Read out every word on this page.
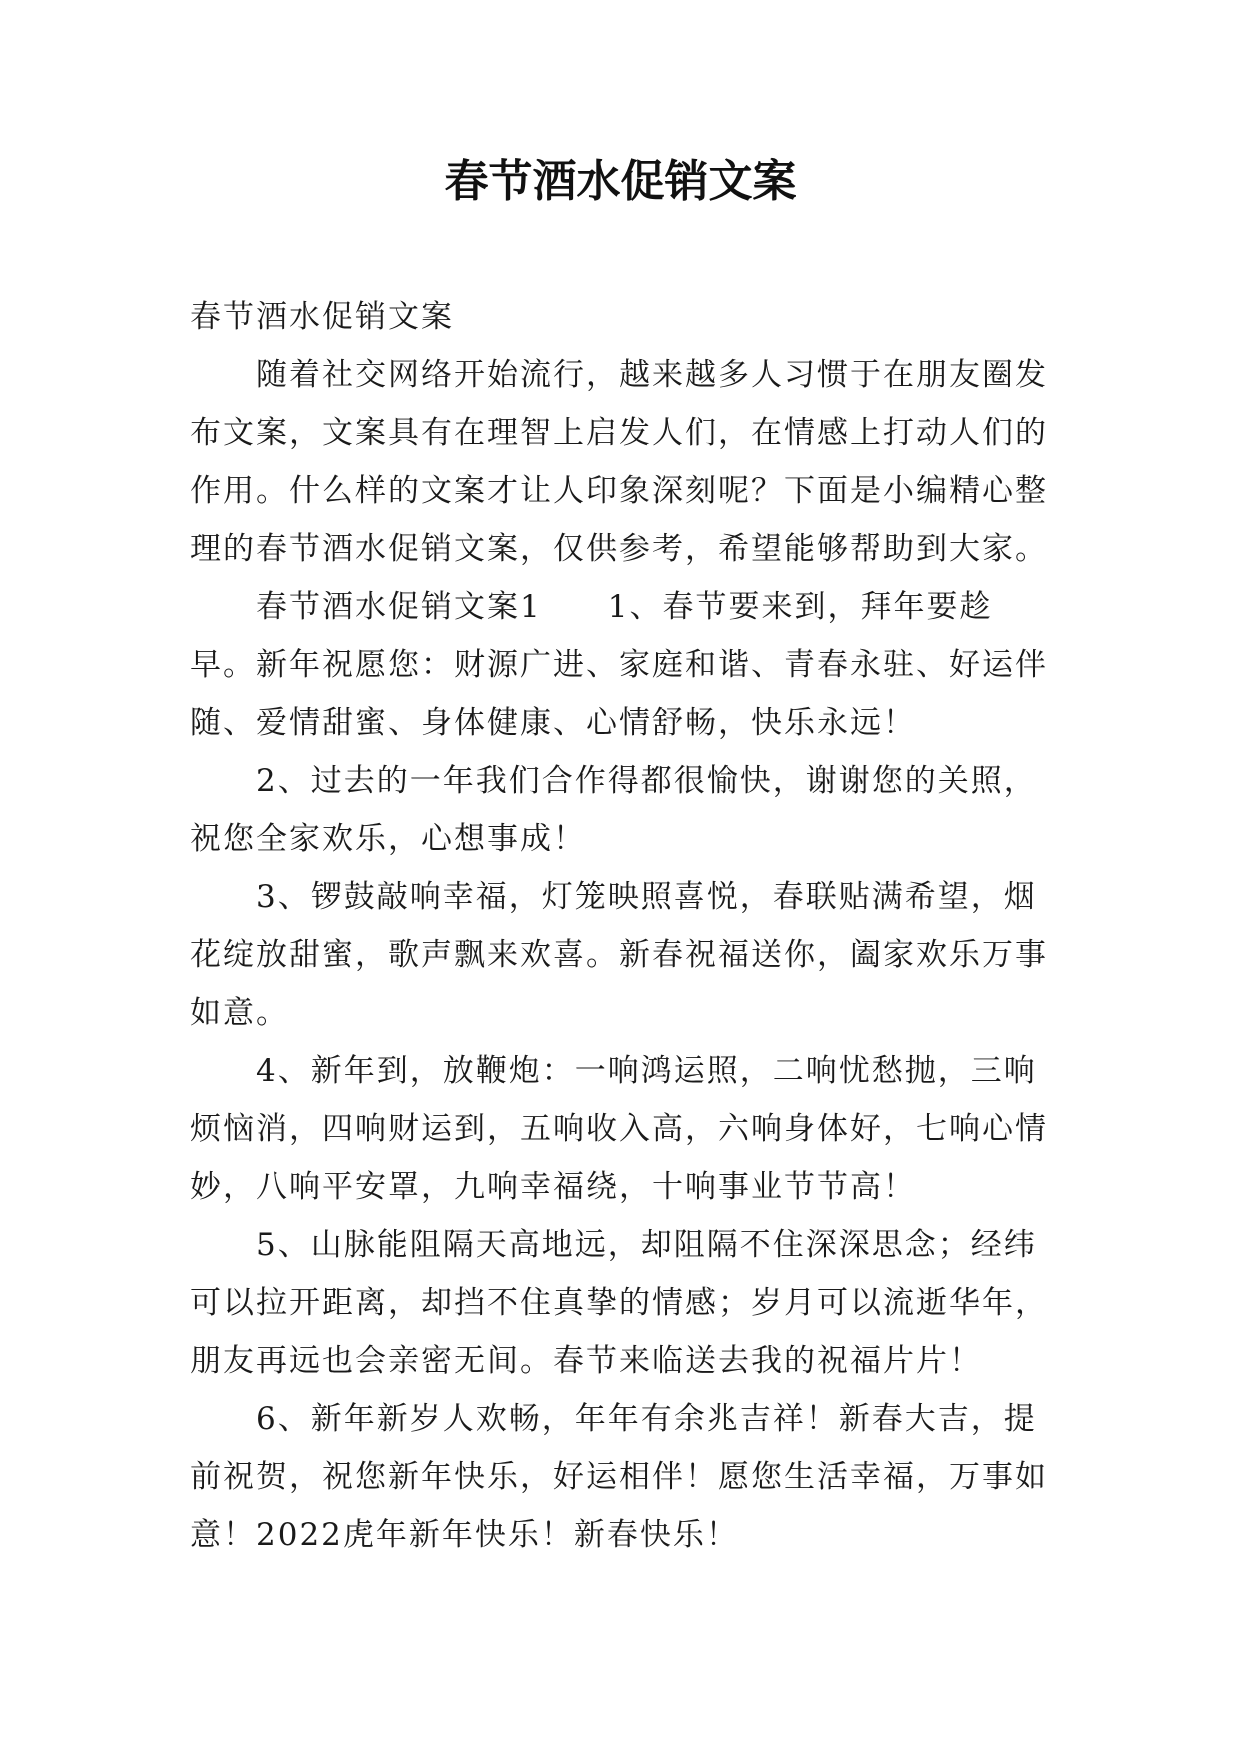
春节酒水促销文案

春节酒水促销文案

随着社交网络开始流行，越来越多人习惯于在朋友圈发布文案，文案具有在理智上启发人们，在情感上打动人们的作用。什么样的文案才让人印象深刻呢？下面是小编精心整理的春节酒水促销文案，仅供参考，希望能够帮助到大家。

春节酒水促销文案1　　1、春节要来到，拜年要趁早。新年祝愿您：财源广进、家庭和谐、青春永驻、好运伴随、爱情甜蜜、身体健康、心情舒畅，快乐永远！

2、过去的一年我们合作得都很愉快，谢谢您的关照，祝您全家欢乐，心想事成！

3、锣鼓敲响幸福，灯笼映照喜悦，春联贴满希望，烟花绽放甜蜜，歌声飘来欢喜。新春祝福送你，阖家欢乐万事如意。

4、新年到，放鞭炮：一响鸿运照，二响忧愁抛，三响烦恼消，四响财运到，五响收入高，六响身体好，七响心情妙，八响平安罩，九响幸福绕，十响事业节节高！

5、山脉能阻隔天高地远，却阻隔不住深深思念；经纬可以拉开距离，却挡不住真挚的情感；岁月可以流逝华年，朋友再远也会亲密无间。春节来临送去我的祝福片片！

6、新年新岁人欢畅，年年有余兆吉祥！新春大吉，提前祝贺，祝您新年快乐，好运相伴！愿您生活幸福，万事如意！2022虎年新年快乐！新春快乐！
